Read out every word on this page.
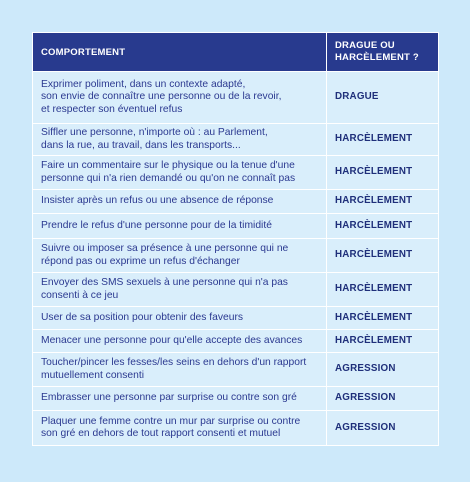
COMPORTEMENT	DRAGUE OU
HARCÈLEMENT ?

Exprimer poliment, dans un contexte adapté,
son envie de connaître une personne ou de la revoir,
et respecter son éventuel refus	DRAGUE

Siffler une personne, n'importe où : au Parlement,
dans la rue, au travail, dans les transports...	HARCÈLEMENT

Faire un commentaire sur le physique ou la tenue d'une
personne qui n'a rien demandé ou qu'on ne connaît pas	HARCÈLEMENT

Insister après un refus ou une absence de réponse	HARCÈLEMENT

Prendre le refus d'une personne pour de la timidité	HARCÈLEMENT

Suivre ou imposer sa présence à une personne qui ne
répond pas ou exprime un refus d'échanger	HARCÈLEMENT

Envoyer des SMS sexuels à une personne qui n'a pas
consenti à ce jeu	HARCÈLEMENT

User de sa position pour obtenir des faveurs	HARCÈLEMENT

Menacer une personne pour qu'elle accepte des avances	HARCÈLEMENT

Toucher/pincer les fesses/les seins en dehors d'un rapport
mutuellement consenti	AGRESSION

Embrasser une personne par surprise ou contre son gré	AGRESSION

Plaquer une femme contre un mur par surprise ou contre
son gré en dehors de tout rapport consenti et mutuel	AGRESSION
